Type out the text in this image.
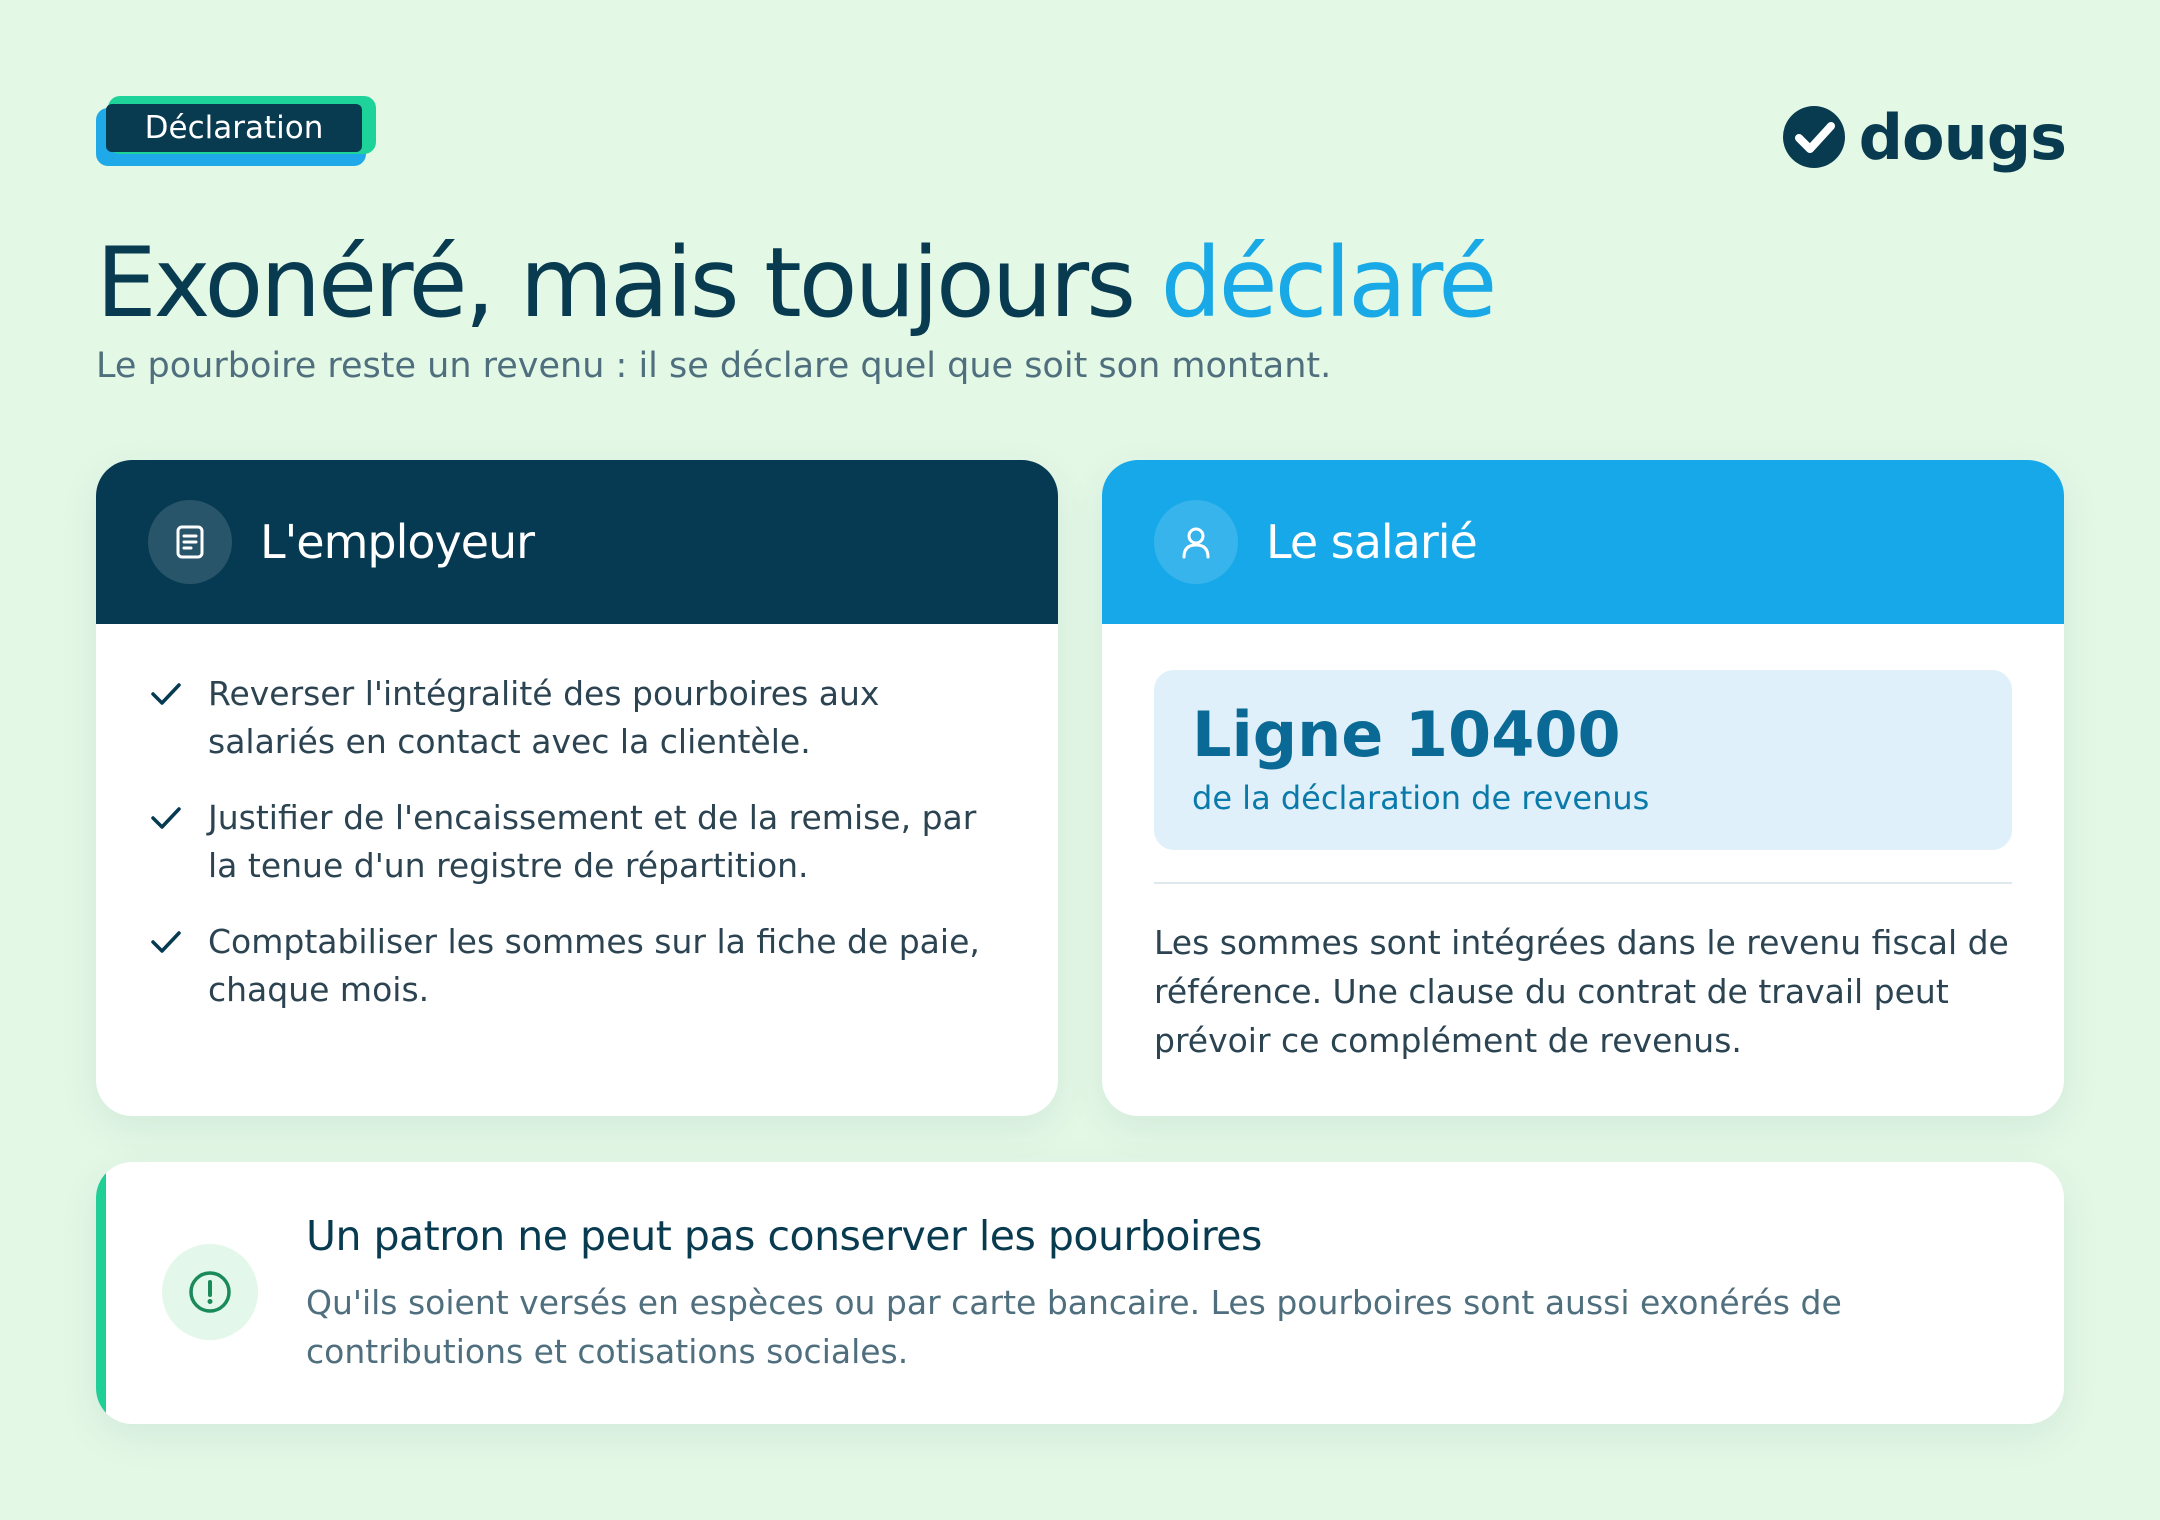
Déclaration	dougs
Exonéré, mais toujours déclaré
Le pourboire reste un revenu : il se déclare quel que soit son montant.
L'employeur
Reverser l'intégralité des pourboires aux salariés en contact avec la clientèle.
Justifier de l'encaissement et de la remise, par la tenue d'un registre de répartition.
Comptabiliser les sommes sur la fiche de paie, chaque mois.
Le salarié
Ligne 10400
de la déclaration de revenus
Les sommes sont intégrées dans le revenu fiscal de référence. Une clause du contrat de travail peut prévoir ce complément de revenus.
Un patron ne peut pas conserver les pourboires
Qu'ils soient versés en espèces ou par carte bancaire. Les pourboires sont aussi exonérés de contributions et cotisations sociales.
